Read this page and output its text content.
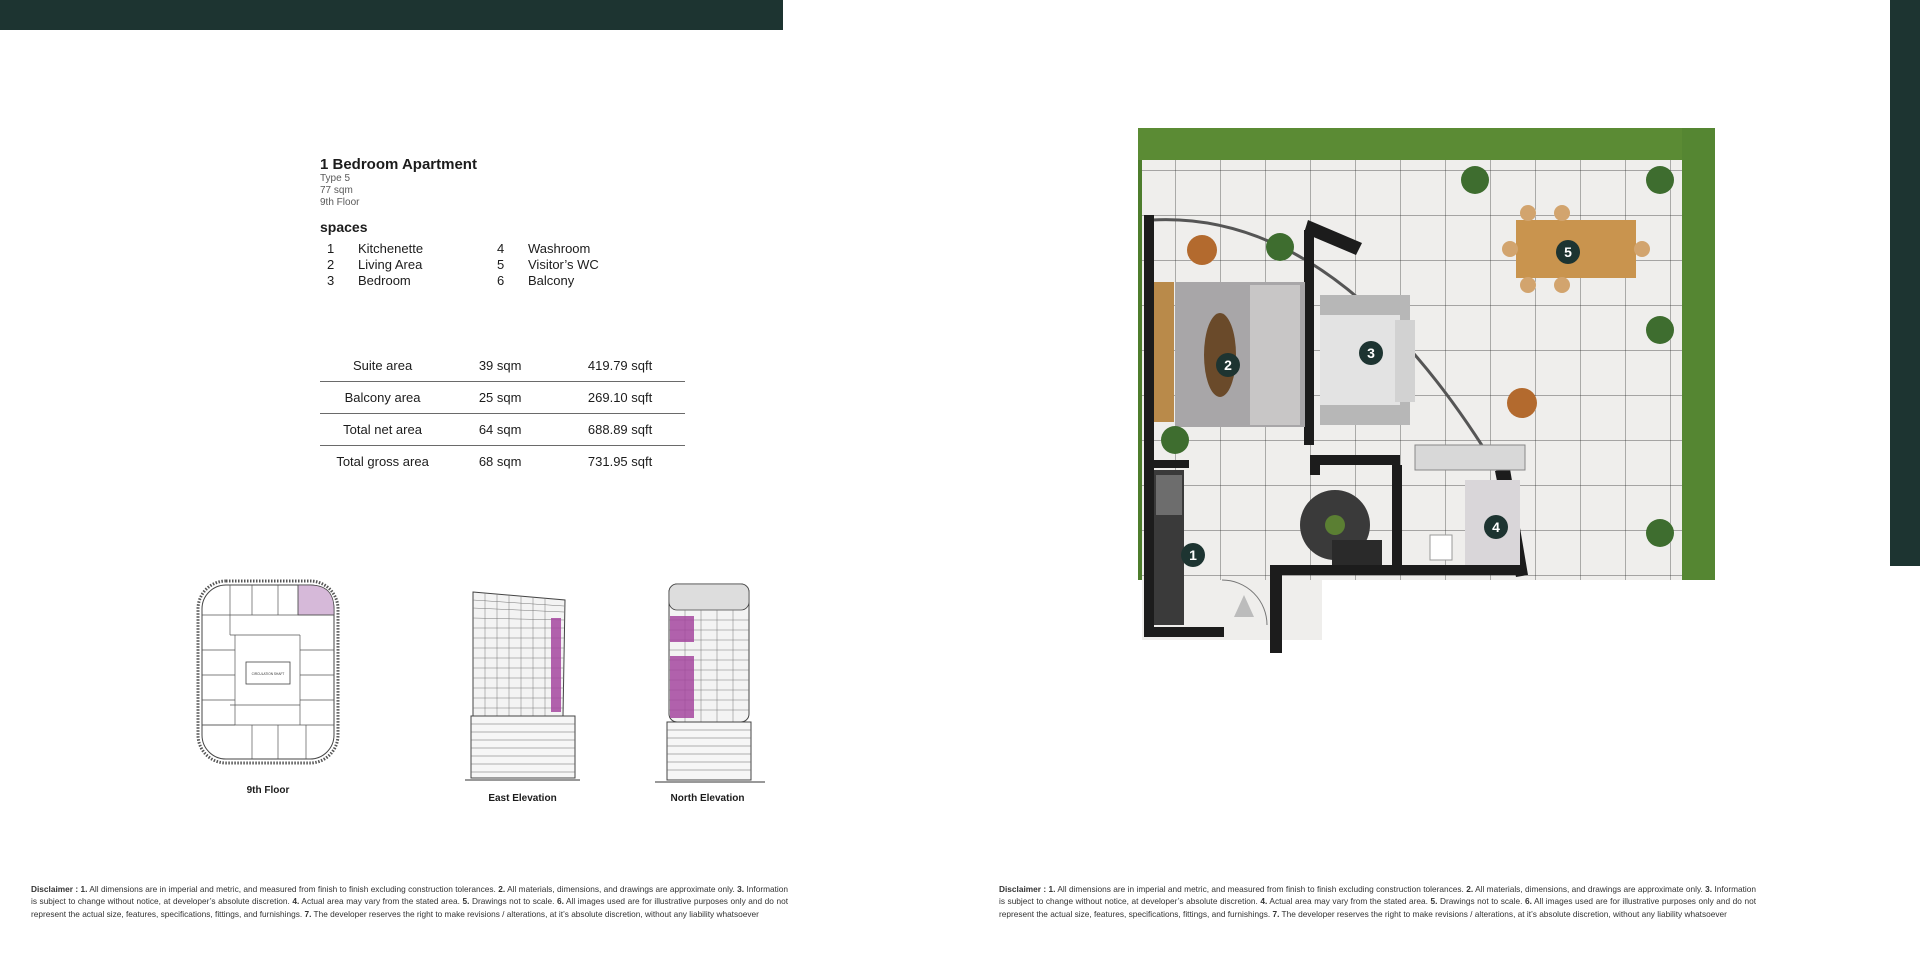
1 Bedroom Apartment
Type 5
77 sqm
9th Floor
spaces
1	Kitchenette	4	Washroom
2	Living Area	5	Visitor’s WC
3	Bedroom	6	Balcony
Suite area	39 sqm	419.79 sqft
Balcony area	25 sqm	269.10 sqft
Total net area	64 sqm	688.89 sqft
Total gross area	68 sqm	731.95 sqft
CIRCULATION SHAFT
9th Floor
East Elevation	North Elevation
1
2
3
4
5
Disclaimer : 1. All dimensions are in imperial and metric, and measured from finish to finish excluding construction tolerances. 2. All materials, dimensions, and drawings are approximate only. 3. Information is subject to change without notice, at developer’s absolute discretion. 4. Actual area may vary from the stated area. 5. Drawings not to scale. 6. All images used are for illustrative purposes only and do not represent the actual size, features, specifications, fittings, and furnishings. 7. The developer reserves the right to make revisions / alterations, at it’s absolute discretion, without any liability whatsoever
Disclaimer : 1. All dimensions are in imperial and metric, and measured from finish to finish excluding construction tolerances. 2. All materials, dimensions, and drawings are approximate only. 3. Information is subject to change without notice, at developer’s absolute discretion. 4. Actual area may vary from the stated area. 5. Drawings not to scale. 6. All images used are for illustrative purposes only and do not represent the actual size, features, specifications, fittings, and furnishings. 7. The developer reserves the right to make revisions / alterations, at it’s absolute discretion, without any liability whatsoever
